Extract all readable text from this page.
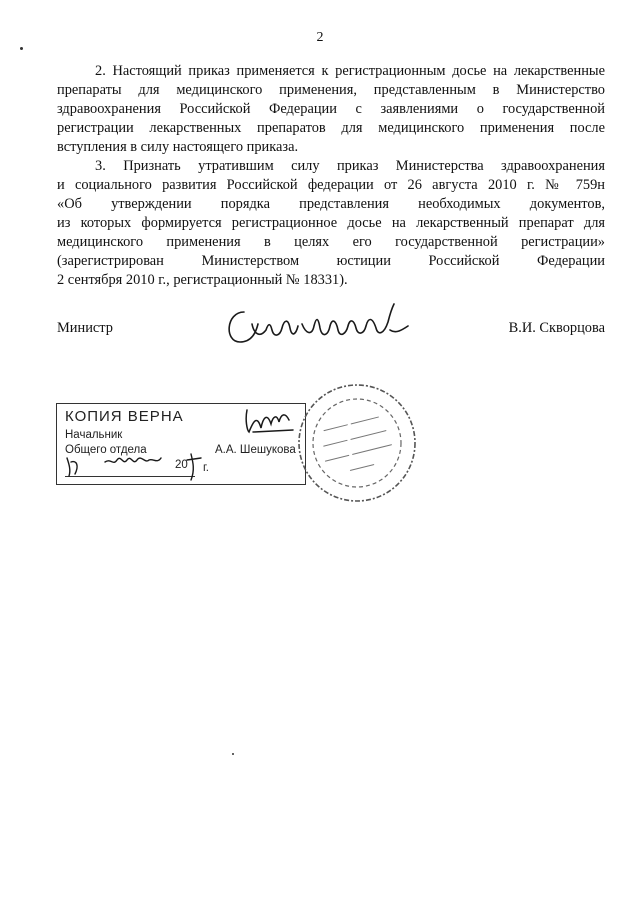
2

2. Настоящий приказ применяется к регистрационным досье на лекарственные
препараты для медицинского применения, представленным в Министерство
здравоохранения Российской Федерации с заявлениями о государственной
регистрации лекарственных препаратов для медицинского применения после
вступления в силу настоящего приказа.

3. Признать утратившим силу приказ Министерства здравоохранения
и социального развития Российской федерации от 26 августа 2010 г. № 759н
«Об утверждении порядка представления необходимых документов,
из которых формируется регистрационное досье на лекарственный препарат для
медицинского применения в целях его государственной регистрации»
(зарегистрирован Министерством юстиции Российской Федерации
2 сентября 2010 г., регистрационный № 18331).

Министр	В.И. Скворцова
КОПИЯ ВЕРНА
Начальник
Общего отдела	А.А. Шешукова
20 г.
